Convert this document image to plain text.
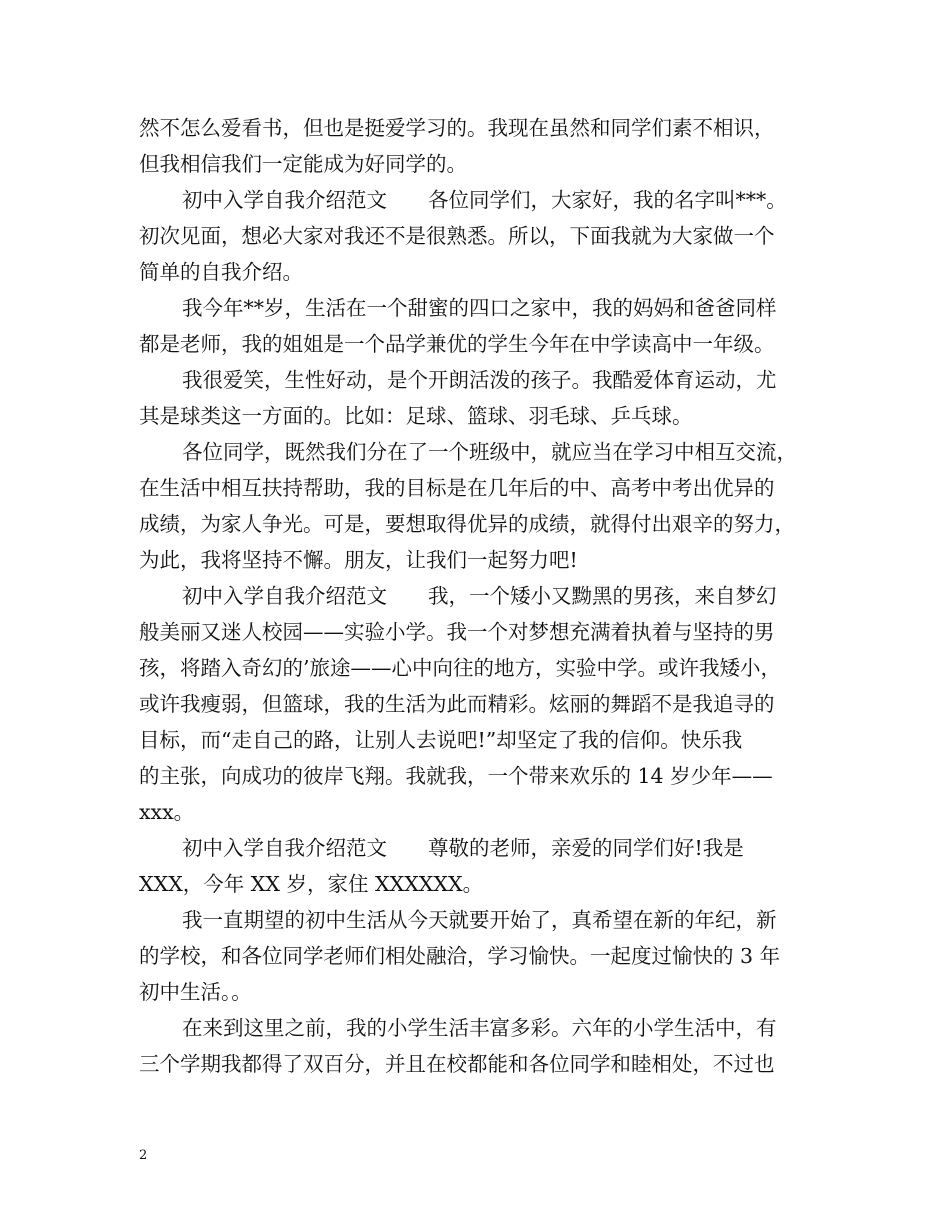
然不怎么爱看书，但也是挺爱学习的。我现在虽然和同学们素不相识，
但我相信我们一定能成为好同学的。
初中入学自我介绍范文　　各位同学们，大家好，我的名字叫***。
初次见面，想必大家对我还不是很熟悉。所以，下面我就为大家做一个
简单的自我介绍。
我今年**岁，生活在一个甜蜜的四口之家中，我的妈妈和爸爸同样
都是老师，我的姐姐是一个品学兼优的学生今年在中学读高中一年级。
我很爱笑，生性好动，是个开朗活泼的孩子。我酷爱体育运动，尤
其是球类这一方面的。比如：足球、篮球、羽毛球、乒乓球。
各位同学，既然我们分在了一个班级中，就应当在学习中相互交流，
在生活中相互扶持帮助，我的目标是在几年后的中、高考中考出优异的
成绩，为家人争光。可是，要想取得优异的成绩，就得付出艰辛的努力，
为此，我将坚持不懈。朋友，让我们一起努力吧!
初中入学自我介绍范文　　我，一个矮小又黝黑的男孩，来自梦幻
般美丽又迷人校园——实验小学。我一个对梦想充满着执着与坚持的男
孩，将踏入奇幻的’旅途——心中向往的地方，实验中学。或许我矮小，
或许我瘦弱，但篮球，我的生活为此而精彩。炫丽的舞蹈不是我追寻的
目标，而“走自己的路，让别人去说吧!”却坚定了我的信仰。快乐我
的主张，向成功的彼岸飞翔。我就我，一个带来欢乐的 14 岁少年——
xxx。
初中入学自我介绍范文　　尊敬的老师，亲爱的同学们好!我是
XXX，今年 XX 岁，家住 XXXXXX。
我一直期望的初中生活从今天就要开始了，真希望在新的年纪，新
的学校，和各位同学老师们相处融洽，学习愉快。一起度过愉快的 3 年
初中生活。。
在来到这里之前，我的小学生活丰富多彩。六年的小学生活中，有
三个学期我都得了双百分，并且在校都能和各位同学和睦相处，不过也
2
